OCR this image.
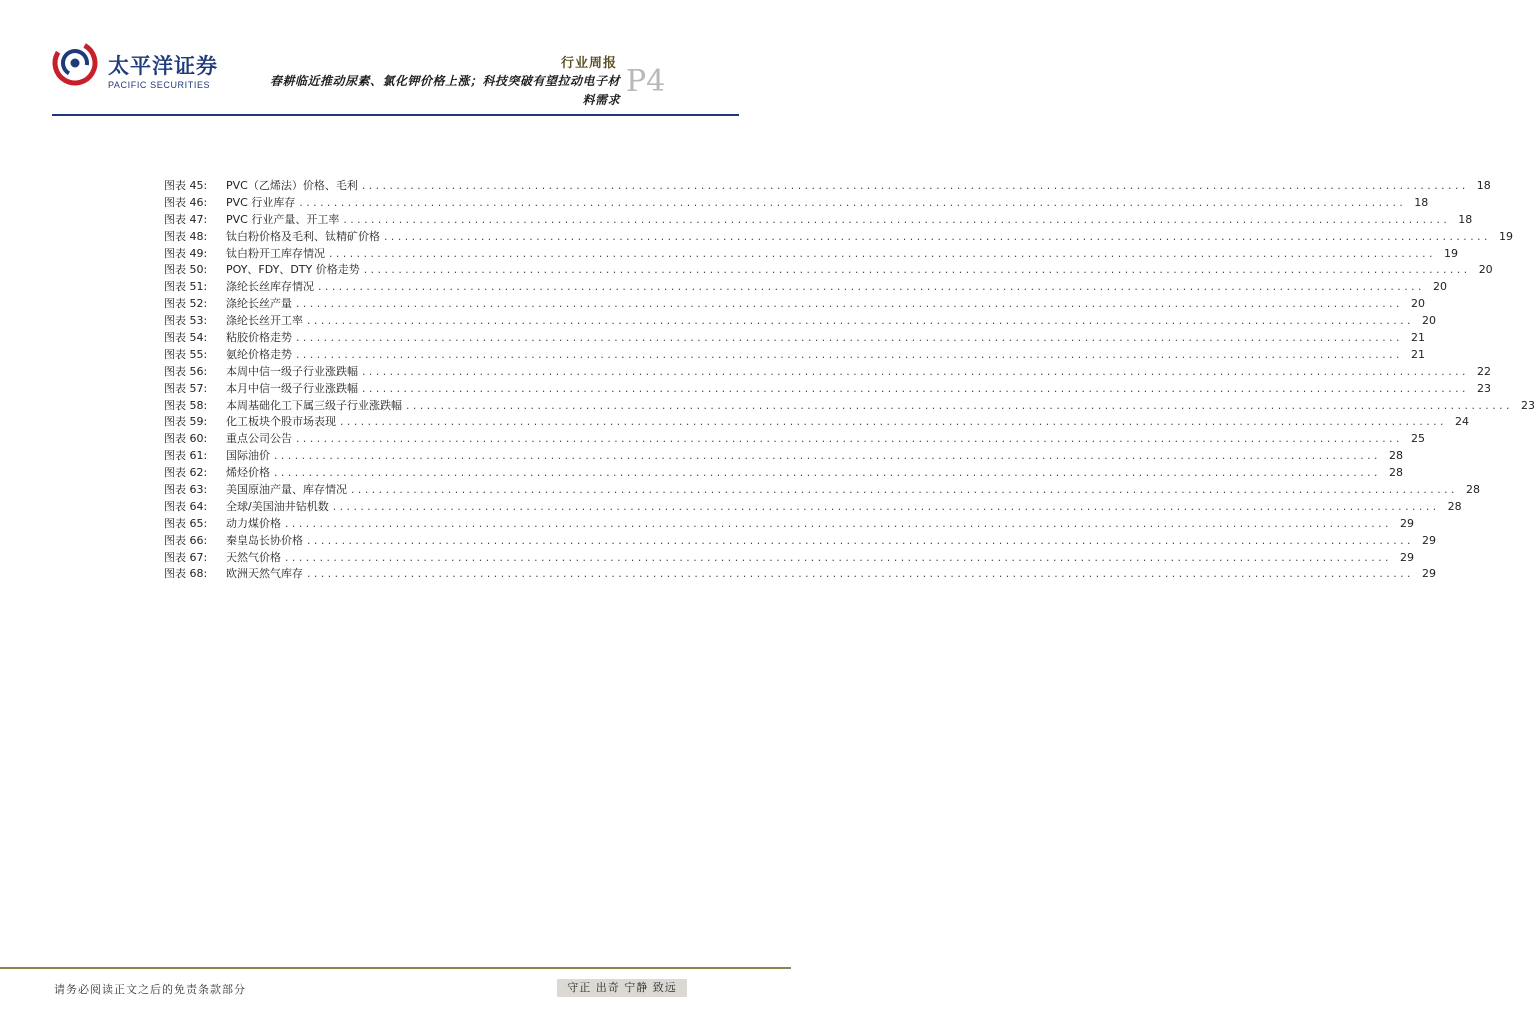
太平洋证券
PACIFIC SECURITIES
行业周报
春耕临近推动尿素、氯化钾价格上涨；科技突破有望拉动电子材
料需求
P4
图表 45:	PVC（乙烯法）价格、毛利 ................................................................................................................................................................ 18
图表 46:	PVC 行业库存 ................................................................................................................................................................ 18
图表 47:	PVC 行业产量、开工率 ................................................................................................................................................................ 18
图表 48:	钛白粉价格及毛利、钛精矿价格 ................................................................................................................................................................ 19
图表 49:	钛白粉开工库存情况 ................................................................................................................................................................ 19
图表 50:	POY、FDY、DTY 价格走势 ................................................................................................................................................................ 20
图表 51:	涤纶长丝库存情况 ................................................................................................................................................................ 20
图表 52:	涤纶长丝产量 ................................................................................................................................................................ 20
图表 53:	涤纶长丝开工率 ................................................................................................................................................................ 20
图表 54:	粘胶价格走势 ................................................................................................................................................................ 21
图表 55:	氨纶价格走势 ................................................................................................................................................................ 21
图表 56:	本周中信一级子行业涨跌幅 ................................................................................................................................................................ 22
图表 57:	本月中信一级子行业涨跌幅 ................................................................................................................................................................ 23
图表 58:	本周基础化工下属三级子行业涨跌幅 ................................................................................................................................................................ 23
图表 59:	化工板块个股市场表现 ................................................................................................................................................................ 24
图表 60:	重点公司公告 ................................................................................................................................................................ 25
图表 61:	国际油价 ................................................................................................................................................................ 28
图表 62:	烯烃价格 ................................................................................................................................................................ 28
图表 63:	美国原油产量、库存情况 ................................................................................................................................................................ 28
图表 64:	全球/美国油井钻机数 ................................................................................................................................................................ 28
图表 65:	动力煤价格 ................................................................................................................................................................ 29
图表 66:	秦皇岛长协价格 ................................................................................................................................................................ 29
图表 67:	天然气价格 ................................................................................................................................................................ 29
图表 68:	欧洲天然气库存 ................................................................................................................................................................ 29
请务必阅读正文之后的免责条款部分	守正 出奇 宁静 致远
